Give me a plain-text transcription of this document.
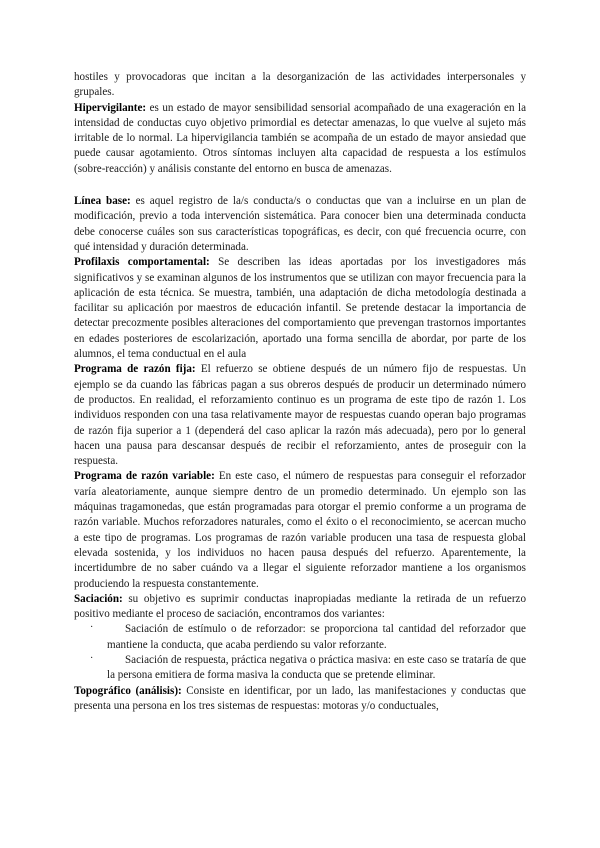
hostiles y provocadoras que incitan a la desorganización de las actividades interpersonales y grupales.

Hipervigilante: es un estado de mayor sensibilidad sensorial acompañado de una exageración en la intensidad de conductas cuyo objetivo primordial es detectar amenazas, lo que vuelve al sujeto más irritable de lo normal. La hipervigilancia también se acompaña de un estado de mayor ansiedad que puede causar agotamiento. Otros síntomas incluyen alta capacidad de respuesta a los estímulos (sobre-reacción) y análisis constante del entorno en busca de amenazas.

Línea base: es aquel registro de la/s conducta/s o conductas que van a incluirse en un plan de modificación, previo a toda intervención sistemática. Para conocer bien una determinada conducta debe conocerse cuáles son sus características topográficas, es decir, con qué frecuencia ocurre, con qué intensidad y duración determinada.

Profilaxis comportamental: Se describen las ideas aportadas por los investigadores más significativos y se examinan algunos de los instrumentos que se utilizan con mayor frecuencia para la aplicación de esta técnica. Se muestra, también, una adaptación de dicha metodología destinada a facilitar su aplicación por maestros de educación infantil. Se pretende destacar la importancia de detectar precozmente posibles alteraciones del comportamiento que prevengan trastornos importantes en edades posteriores de escolarización, aportado una forma sencilla de abordar, por parte de los alumnos, el tema conductual en el aula

Programa de razón fija: El refuerzo se obtiene después de un número fijo de respuestas. Un ejemplo se da cuando las fábricas pagan a sus obreros después de producir un determinado número de productos. En realidad, el reforzamiento continuo es un programa de este tipo de razón 1. Los individuos responden con una tasa relativamente mayor de respuestas cuando operan bajo programas de razón fija superior a 1 (dependerá del caso aplicar la razón más adecuada), pero por lo general hacen una pausa para descansar después de recibir el reforzamiento, antes de proseguir con la respuesta.

Programa de razón variable: En este caso, el número de respuestas para conseguir el reforzador varía aleatoriamente, aunque siempre dentro de un promedio determinado. Un ejemplo son las máquinas tragamonedas, que están programadas para otorgar el premio conforme a un programa de razón variable. Muchos reforzadores naturales, como el éxito o el reconocimiento, se acercan mucho a este tipo de programas. Los programas de razón variable producen una tasa de respuesta global elevada sostenida, y los individuos no hacen pausa después del refuerzo. Aparentemente, la incertidumbre de no saber cuándo va a llegar el siguiente reforzador mantiene a los organismos produciendo la respuesta constantemente.

Saciación: su objetivo es suprimir conductas inapropiadas mediante la retirada de un refuerzo positivo mediante el proceso de saciación, encontramos dos variantes:

·	Saciación de estímulo o de reforzador: se proporciona tal cantidad del reforzador que mantiene la conducta, que acaba perdiendo su valor reforzante.
·	Saciación de respuesta, práctica negativa o práctica masiva: en este caso se trataría de que la persona emitiera de forma masiva la conducta que se pretende eliminar.

Topográfico (análisis): Consiste en identificar, por un lado, las manifestaciones y conductas que presenta una persona en los tres sistemas de respuestas: motoras y/o conductuales,
